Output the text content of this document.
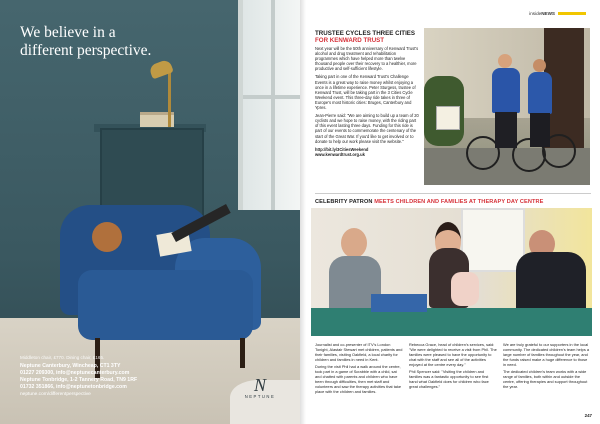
We believe in a
different perspective.
Middleton chair, £770. Dining chair, £165.
Neptune Canterbury, Wincheap, CT1 3TY
01227 209300, info@neptunecanterbury.com
Neptune Tonbridge, 1-2 Tannery Road, TN9 1RF
01732 351866, info@neptunetonbridge.com
neptune.com/differentperspective	N
NEPTUNE
insideNEWS
TRUSTEE CYCLES THREE CITIES
FOR KENWARD TRUST

Next year will be the 50th anniversary of Kenward Trust's alcohol and drug treatment and rehabilitation programmes which have helped more than twelve thousand people over their recovery to a healthier, more productive and self-sufficient lifestyle.

Taking part in one of the Kenward Trust's Challenge Events is a great way to raise money whilst enjoying a once in a lifetime experience. Peter Sturgess, trustee of Kenward Trust, will be taking part in the 3 Cities Cycle Weekend event. This three-day ride takes in three of Europe's most historic cities: Bruges, Canterbury and Ypres.

Jean-Pierre said: "We are aiming to build up a team of 20 cyclists and we hope to raise money, with the riding part of this event lasting three days. Funding for this ride is part of our events to commemorate the centenary of the start of the Great War. If you'd like to get involved or to donate to help our work please visit the website."

http://bit.ly/3CitiesWeekend
www.kenwardtrust.org.uk
CELEBRITY PATRON MEETS CHILDREN AND FAMILIES AT THERAPY DAY CENTRE

Journalist and co-presenter of ITV's London Tonight, Alastair Stewart met children, patients and their families, visiting Oakfield, a local charity for children and families in need in Kent.

During the visit Phil had a walk around the centre, took part in a game of Scrabble with a child, sat and chatted with parents and children who have been through difficulties, then met staff and volunteers and saw the therapy activities that take place with the children and families.

Rebecca Grace, head of children's services, said: "We were delighted to receive a visit from Phil. The families were pleased to have the opportunity to chat with the staff and see all of the activities enjoyed at the centre every day."

Phil Spencer said: "Visiting the children and families was a fantastic opportunity to see first hand what Oakfield does for children who face great challenges."

We are truly grateful to our supporters in the local community. The dedicated children's team helps a large number of families throughout the year, and the funds raised make a huge difference to those in need.

The dedicated children's team works with a wide range of families, both within and outside the centre, offering therapies and support throughout the year.

247
